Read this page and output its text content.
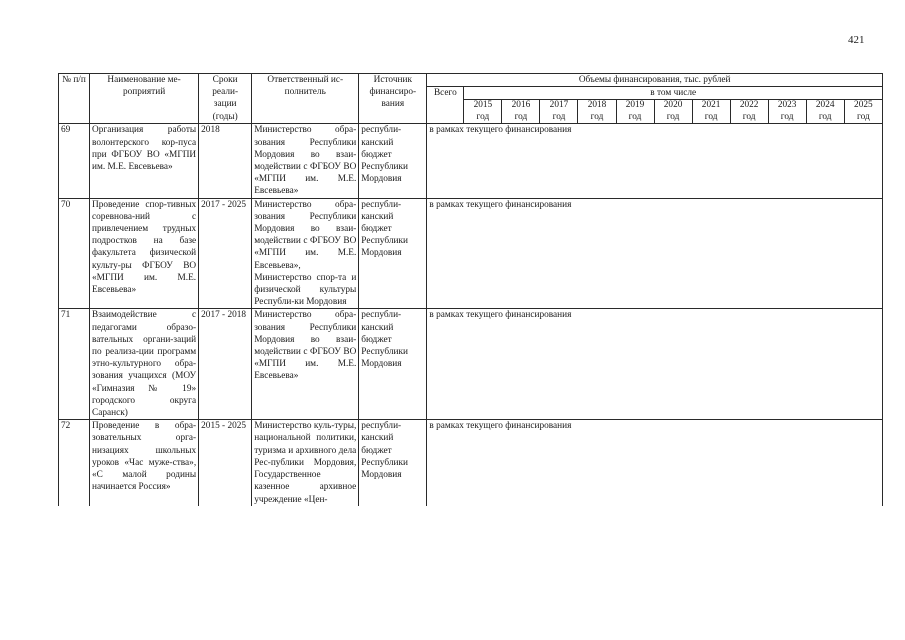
421
№ п/п	Наименование ме-роприятий	Сроки реали-зации (годы)	Ответственный ис-полнитель	Источник финансиро-вания	Объемы финансирования, тыс. рублей											
					Всего	в том числе										
						2015 год	2016 год	2017 год	2018 год	2019 год	2020 год	2021 год	2022 год	2023 год	2024 год	2025 год
69	Организация работы волонтерского кор-пуса при ФГБОУ ВО «МГПИ им. М.Е. Евсевьева»	2018	Министерство обра-зования Республики Мордовия во взаи-модействии с ФГБОУ ВО «МГПИ им. М.Е. Евсевьева»	республи-канский бюджет Республики Мордовия	в рамках текущего финансирования											
70	Проведение спор-тивных соревнова-ний с привлечением трудных подростков на базе факультета физической культу-ры ФГБОУ ВО «МГПИ им. М.Е. Евсевьева»	2017 - 2025	Министерство обра-зования Республики Мордовия во взаи-модействии с ФГБОУ ВО «МГПИ им. М.Е. Евсевьева», Министерство спор-та и физической культуры Республи-ки Мордовия	республи-канский бюджет Республики Мордовия	в рамках текущего финансирования											
71	Взаимодействие с педагогами образо-вательных органи-заций по реализа-ции программ этно-культурного обра-зования учащихся (МОУ «Гимназия № 19» городского округа Саранск)	2017 - 2018	Министерство обра-зования Республики Мордовия во взаи-модействии с ФГБОУ ВО «МГПИ им. М.Е. Евсевьева»	республи-канский бюджет Республики Мордовия	в рамках текущего финансирования											
72	Проведение в обра-зовательных орга-низациях школьных уроков «Час муже-ства», «С малой родины начинается Россия»	2015 - 2025	Министерство куль-туры, национальной политики, туризма и архивного дела Рес-публики Мордовия, Государственное казенное архивное учреждение «Цен-	республи-канский бюджет Республики Мордовия	в рамках текущего финансирования											
